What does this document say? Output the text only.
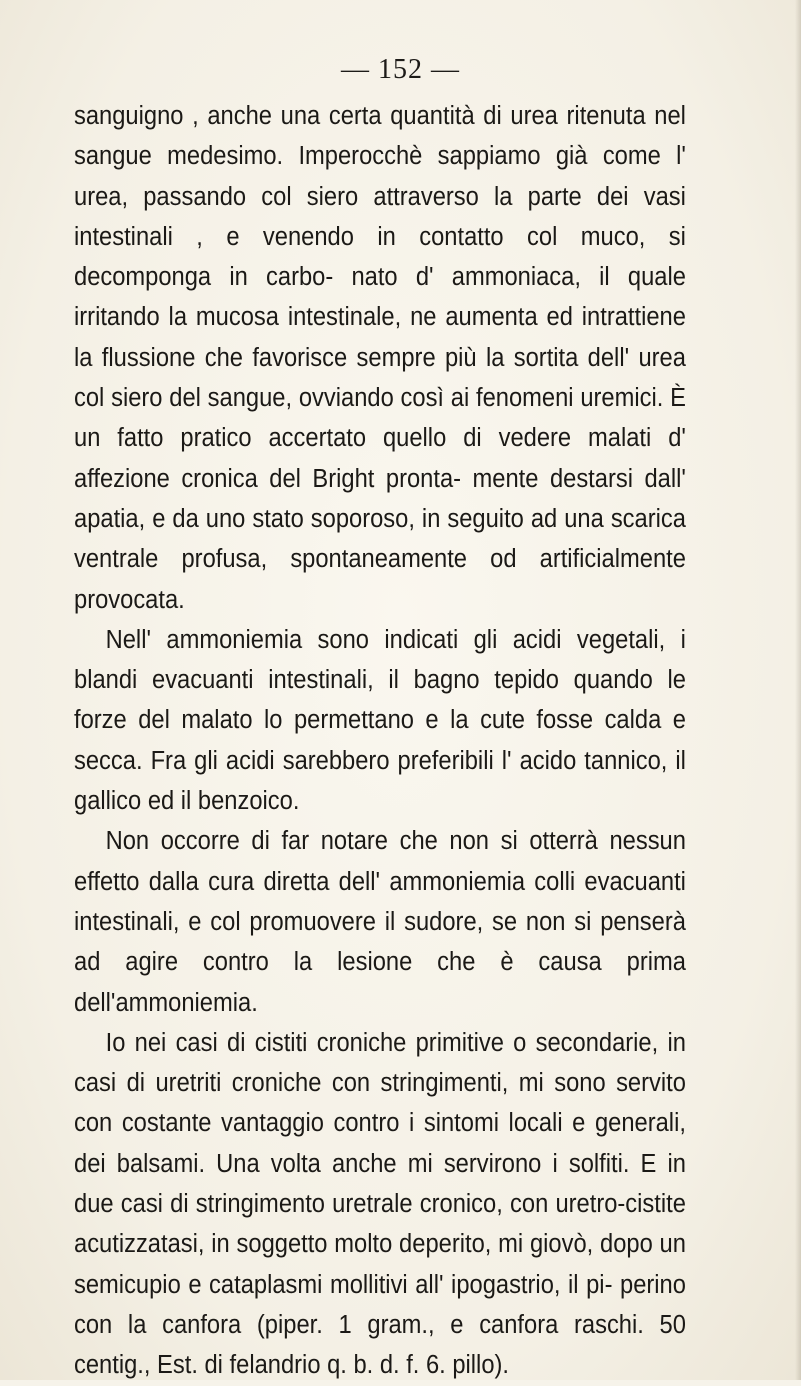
— 152 —

sanguigno , anche una certa quantità di urea ritenuta nel sangue medesimo. Imperocchè sappiamo già come l' urea, passando col siero attraverso la parte dei vasi intestinali , e venendo in contatto col muco, si decomponga in carbo- nato d' ammoniaca, il quale irritando la mucosa intestinale, ne aumenta ed intrattiene la flussione che favorisce sempre più la sortita dell' urea col siero del sangue, ovviando così ai fenomeni uremici. È un fatto pratico accertato quello di vedere malati d' affezione cronica del Bright pronta- mente destarsi dall' apatia, e da uno stato soporoso, in seguito ad una scarica ventrale profusa, spontaneamente od artificialmente provocata.

Nell' ammoniemia sono indicati gli acidi vegetali, i blandi evacuanti intestinali, il bagno tepido quando le forze del malato lo permettano e la cute fosse calda e secca. Fra gli acidi sarebbero preferibili l' acido tannico, il gallico ed il benzoico.

Non occorre di far notare che non si otterrà nessun effetto dalla cura diretta dell' ammoniemia colli evacuanti intestinali, e col promuovere il sudore, se non si penserà ad agire contro la lesione che è causa prima dell'ammoniemia.

Io nei casi di cistiti croniche primitive o secondarie, in casi di uretriti croniche con stringimenti, mi sono servito con costante vantaggio contro i sintomi locali e generali, dei balsami. Una volta anche mi servirono i solfiti. E in due casi di stringimento uretrale cronico, con uretro-cistite acutizzatasi, in soggetto molto deperito, mi giovò, dopo un semicupio e cataplasmi mollitivi all' ipogastrio, il pi- perino con la canfora (piper. 1 gram., e canfora raschi. 50 centig., Est. di felandrio q. b. d. f. 6. pillo).
